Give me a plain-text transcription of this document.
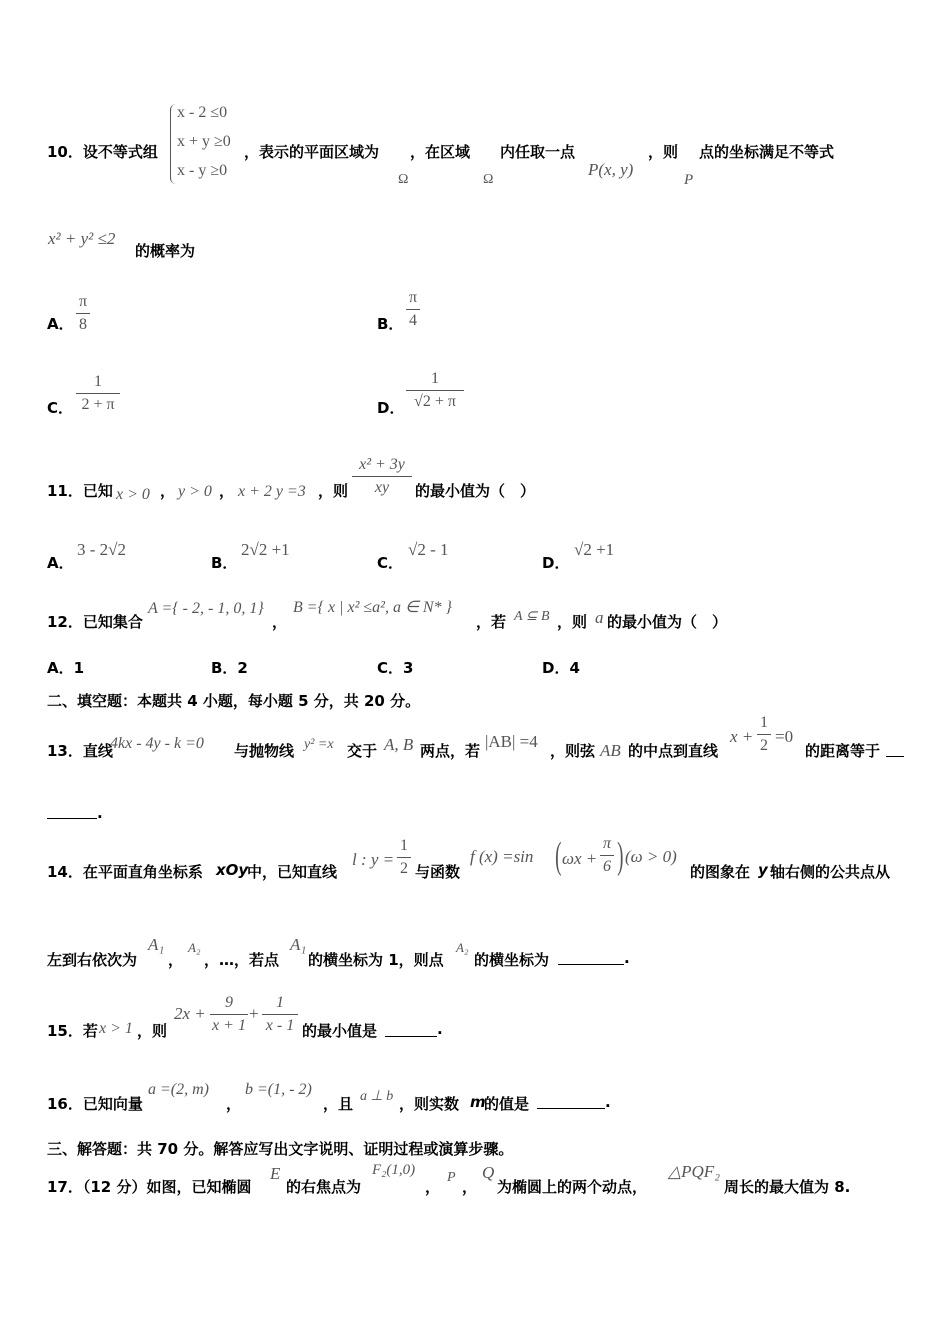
10．设不等式组
x - 2 ≤0
x + y ≥0
x - y ≥0
，表示的平面区域为 ，在区域 内任取一点	，则 点的坐标满足不等式
Ω	Ω
P(x, y)
P
x² + y² ≤2
的概率为
A．
π
8	B．
π
4
C．
1
2 + π	D．
1
√2 + π
11．已知 x > 0 ， y > 0 ， x + 2 y =3 ，则
x² + 3y
xy	的最小值为（　）
A．
3 - 2√2
B．
2√2 +1
C．
√2 - 1
D．
√2 +1
12．已知集合
A ={ - 2, - 1, 0, 1}
，
B ={ x | x² ≤a², a ∈ N* }
，若 A ⊆ B ，则 a 的最小值为（　）
A．1	B．2	C．3	D．4
二、填空题：本题共 4 小题，每小题 5 分，共 20 分。
13．直线
4kx - 4y - k =0 与抛物线 y² =x 交于 A, B 两点，若 |AB| =4 ，则弦 AB 的中点到直线
x +
1
2 =0
的距离等于
.
14．在平面直角坐标系 xOy
中，已知直线
l : y =
1
2 与函数
f (x) =sin ( ωx +
π
6 ) (ω > 0)
的图象在 y 轴右侧的公共点从
左到右依次为
A₁
，
A₂
，…，若点
A₁
的横坐标为 1，则点
A₂
的横坐标为	.
15．若 x > 1 ，则
2x +
9
x + 1
+
1
x - 1 的最小值是	.
16．已知向量
a =(2, m)
，
b =(1, - 2)
，且 a ⊥ b ，则实数 m
的值是	.
三、解答题：共 70 分。解答应写出文字说明、证明过程或演算步骤。
17．（12 分）如图，已知椭圆
E
的右焦点为
F₂(1,0)
，
P
，
Q
为椭圆上的两个动点，
△PQF₂
周长的最大值为 8.
